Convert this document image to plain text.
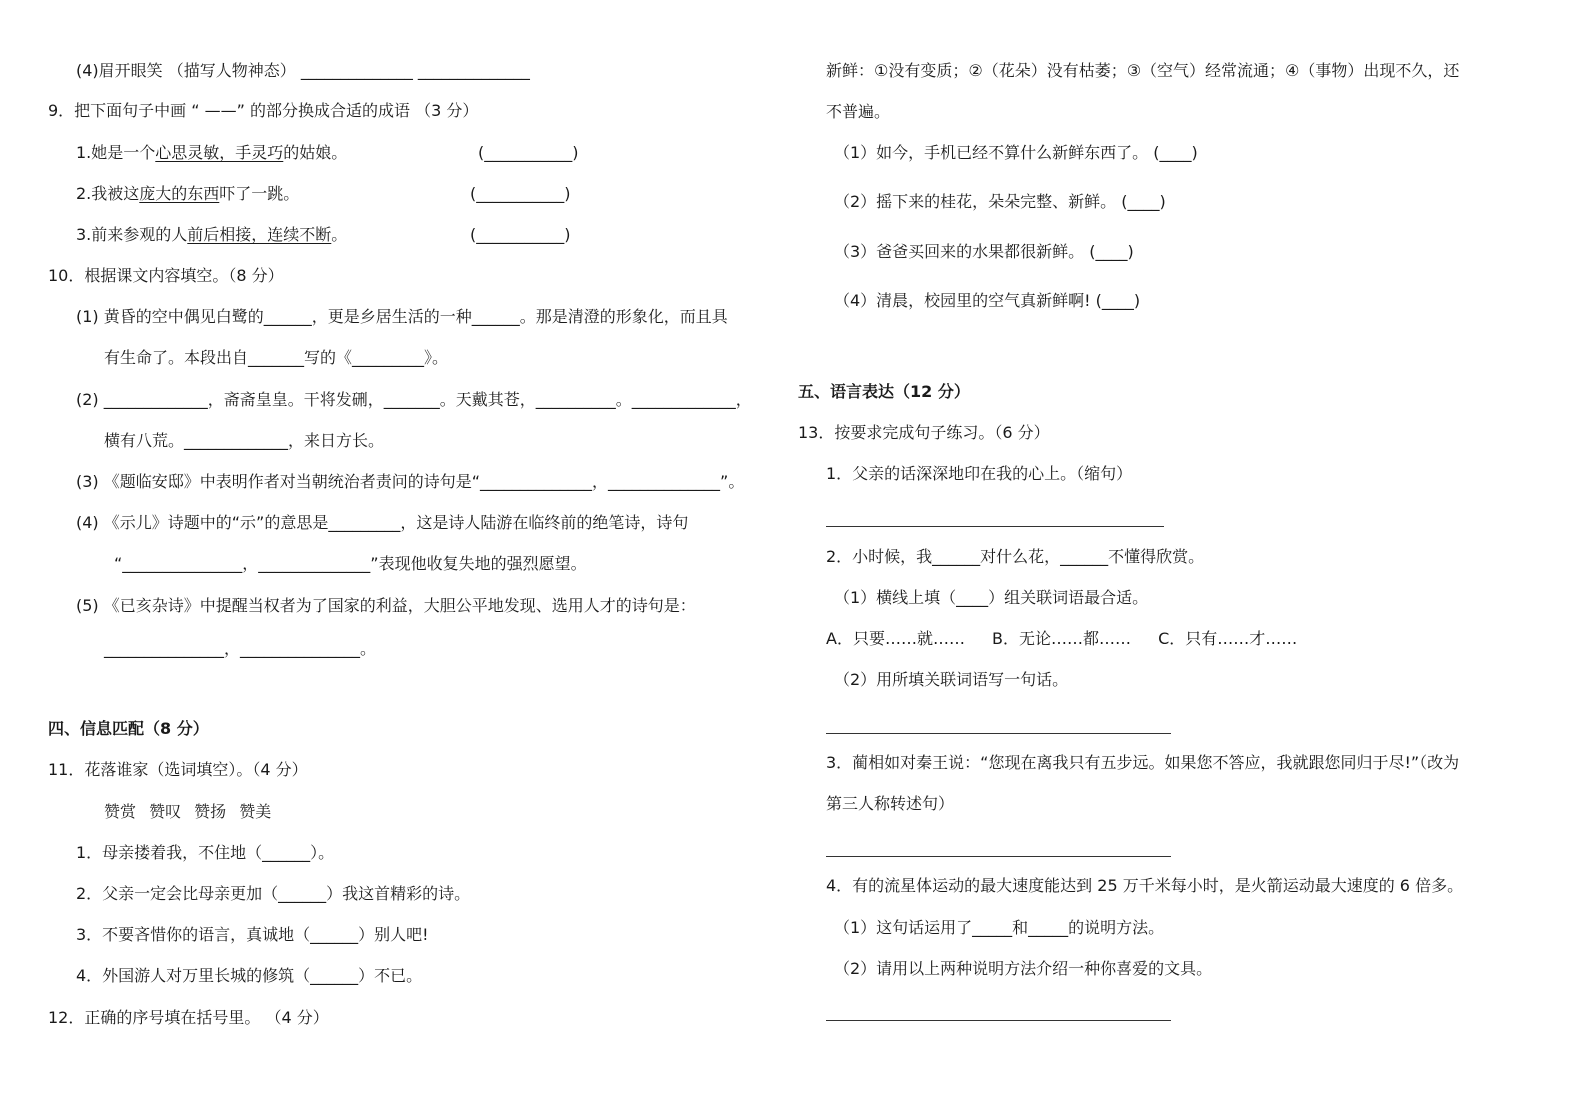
(4)眉开眼笑 （描写人物神态） ______________ ______________
9．把下面句子中画 “ ——” 的部分换成合适的成语 （3 分）
1.她是一个心思灵敏，手灵巧的姑娘。	(___________)
2.我被这庞大的东西吓了一跳。	(___________)
3.前来参观的人前后相接，连续不断。	(___________)
10．根据课文内容填空。（8 分）
(1) 黄昏的空中偶见白鹭的______，更是乡居生活的一种______。那是清澄的形象化，而且具
有生命了。本段出自_______写的《_________》。
(2) _____________，斋斋皇皇。干将发硎，_______。天戴其苍，__________。_____________，
横有八荒。_____________，来日方长。
(3) 《题临安邸》中表明作者对当朝统治者责问的诗句是“______________，______________”。
(4) 《示儿》诗题中的“示”的意思是_________，这是诗人陆游在临终前的绝笔诗，诗句
“_______________，______________”表现他收复失地的强烈愿望。
(5) 《已亥杂诗》中提醒当权者为了国家的利益，大胆公平地发现、选用人才的诗句是：
_______________，_______________。
四、信息匹配（8 分）
11．花落谁家（选词填空）。（4 分）
赞赏 赞叹 赞扬 赞美
1．母亲搂着我，不住地（______）。
2．父亲一定会比母亲更加（______）我这首精彩的诗。
3．不要吝惜你的语言，真诚地（______）别人吧!
4．外国游人对万里长城的修筑（______）不已。
12．正确的序号填在括号里。 （4 分）
新鲜：①没有变质；②（花朵）没有枯萎；③（空气）经常流通；④（事物）出现不久，还
不普遍。
（1）如今，手机已经不算什么新鲜东西了。 (____)
（2）摇下来的桂花，朵朵完整、新鲜。 (____)
（3）爸爸买回来的水果都很新鲜。 (____)
（4）清晨，校园里的空气真新鲜啊! (____)
五、语言表达（12 分）
13．按要求完成句子练习。（6 分）
1．父亲的话深深地印在我的心上。（缩句）
2．小时候，我______对什么花，______不懂得欣赏。
（1）横线上填（____）组关联词语最合适。
A．只要……就…… B．无论……都…… C．只有……才……
（2）用所填关联词语写一句话。
3．蔺相如对秦王说：“您现在离我只有五步远。如果您不答应，我就跟您同归于尽!”（改为
第三人称转述句）
4．有的流星体运动的最大速度能达到 25 万千米每小时，是火箭运动最大速度的 6 倍多。
（1）这句话运用了_____和_____的说明方法。
（2）请用以上两种说明方法介绍一种你喜爱的文具。
